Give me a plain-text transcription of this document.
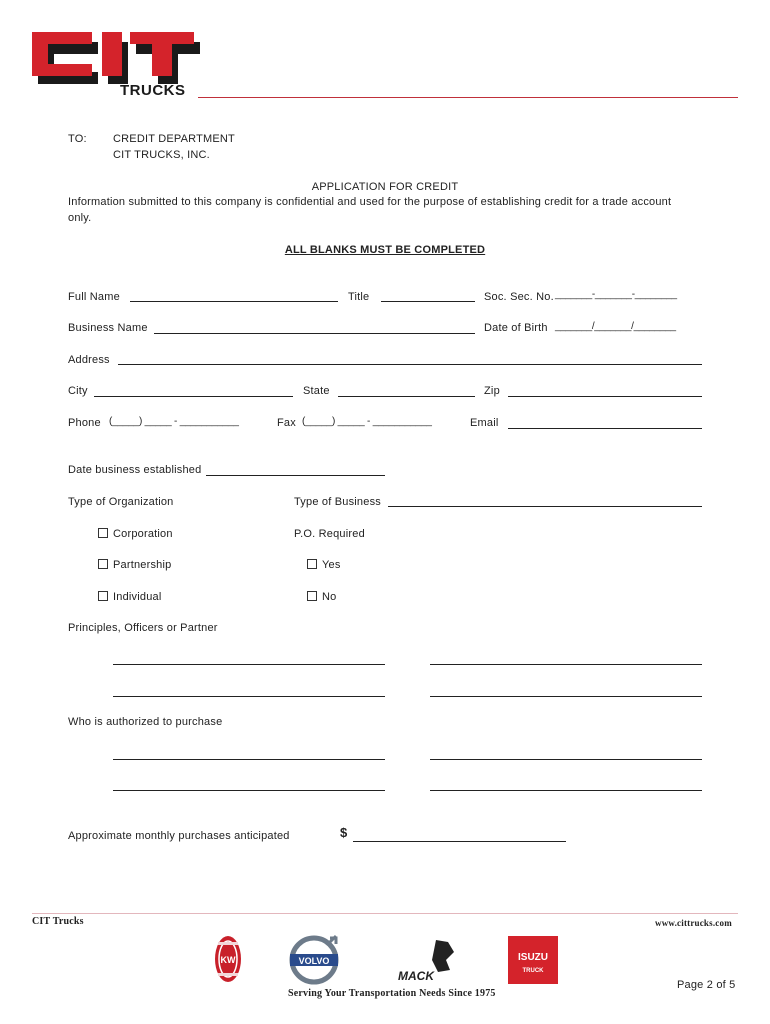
TRUCKS
TO: CREDIT DEPARTMENT
CIT TRUCKS, INC.
APPLICATION FOR CREDIT
Information submitted to this company is confidential and used for the purpose of establishing credit for a trade account
only.
ALL BLANKS MUST BE COMPLETED
Full Name	Title	Soc. Sec. No. _______-_______-________
Business Name	Date of Birth _______/_______/________
Address
City	State	Zip
Phone (_____) _____ - ___________	Fax (_____) _____ - ___________	Email
Date business established
Type of Organization	Type of Business
Corporation
Partnership
Individual
P.O. Required
Yes
No
Principles, Officers or Partner
Who is authorized to purchase
Approximate monthly purchases anticipated	$
CIT Trucks	www.cittrucks.com
KW	VOLVO
MACK
ISUZU
TRUCK
Serving Your Transportation Needs Since 1975
Page 2 of 5
